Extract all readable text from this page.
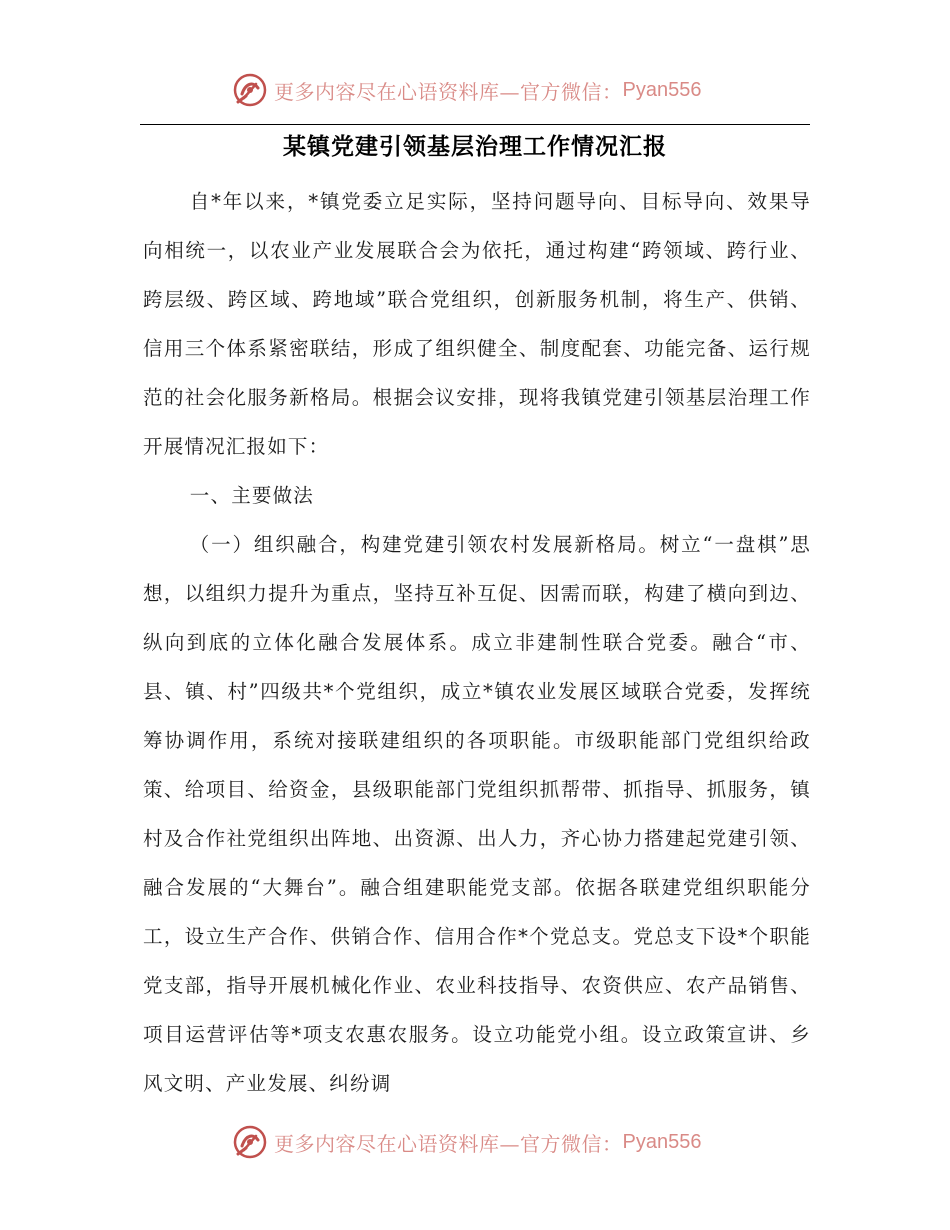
更多内容尽在心语资料库—官方微信： Pyan556
某镇党建引领基层治理工作情况汇报

自*年以来，*镇党委立足实际，坚持问题导向、目标导向、效果导向相统一，以农业产业发展联合会为依托，通过构建“跨领域、跨行业、跨层级、跨区域、跨地域”联合党组织，创新服务机制，将生产、供销、信用三个体系紧密联结，形成了组织健全、制度配套、功能完备、运行规范的社会化服务新格局。根据会议安排，现将我镇党建引领基层治理工作开展情况汇报如下：

一、主要做法

（一）组织融合，构建党建引领农村发展新格局。树立“一盘棋”思想，以组织力提升为重点，坚持互补互促、因需而联，构建了横向到边、纵向到底的立体化融合发展体系。成立非建制性联合党委。融合“市、县、镇、村”四级共*个党组织，成立*镇农业发展区域联合党委，发挥统筹协调作用，系统对接联建组织的各项职能。市级职能部门党组织给政策、给项目、给资金，县级职能部门党组织抓帮带、抓指导、抓服务，镇村及合作社党组织出阵地、出资源、出人力，齐心协力搭建起党建引领、融合发展的“大舞台”。融合组建职能党支部。依据各联建党组织职能分工，设立生产合作、供销合作、信用合作*个党总支。党总支下设*个职能党支部，指导开展机械化作业、农业科技指导、农资供应、农产品销售、项目运营评估等*项支农惠农服务。设立功能党小组。设立政策宣讲、乡风文明、产业发展、纠纷调

更多内容尽在心语资料库—官方微信： Pyan556
